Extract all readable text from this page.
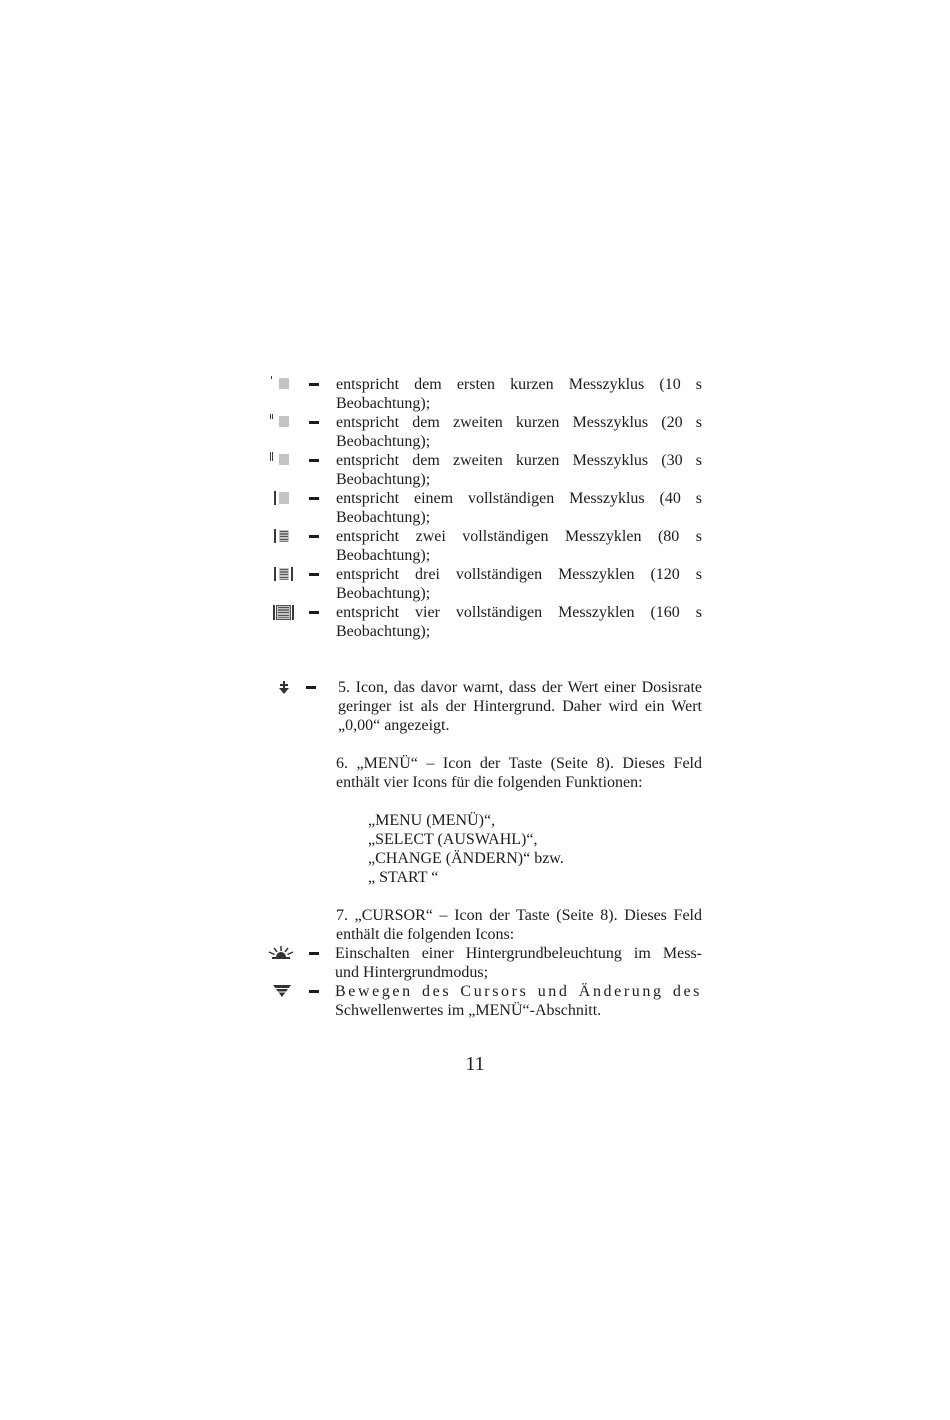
entspricht dem ersten kurzen Messzyklus (10 s
Beobachtung);
entspricht dem zweiten kurzen Messzyklus (20 s
Beobachtung);
entspricht dem zweiten kurzen Messzyklus (30 s
Beobachtung);
entspricht einem vollständigen Messzyklus (40 s
Beobachtung);
entspricht zwei vollständigen Messzyklen (80 s
Beobachtung);
entspricht drei vollständigen Messzyklen (120 s
Beobachtung);
entspricht vier vollständigen Messzyklen (160 s
Beobachtung);
5. Icon, das davor warnt, dass der Wert einer Dosisrate
geringer ist als der Hintergrund. Daher wird ein Wert
„0,00“ angezeigt.
6. „MENÜ“ – Icon der Taste (Seite 8). Dieses Feld
enthält vier Icons für die folgenden Funktionen:
„MENU (MENÜ)“,
„SELECT (AUSWAHL)“,
„CHANGE (ÄNDERN)“ bzw.
„ START “
7. „CURSOR“ – Icon der Taste (Seite 8). Dieses Feld
enthält die folgenden Icons:
Einschalten einer Hintergrundbeleuchtung im Mess-
und Hintergrundmodus;
Bewegen des Cursors und Änderung des
Schwellenwertes im „MENÜ“-Abschnitt.
11
